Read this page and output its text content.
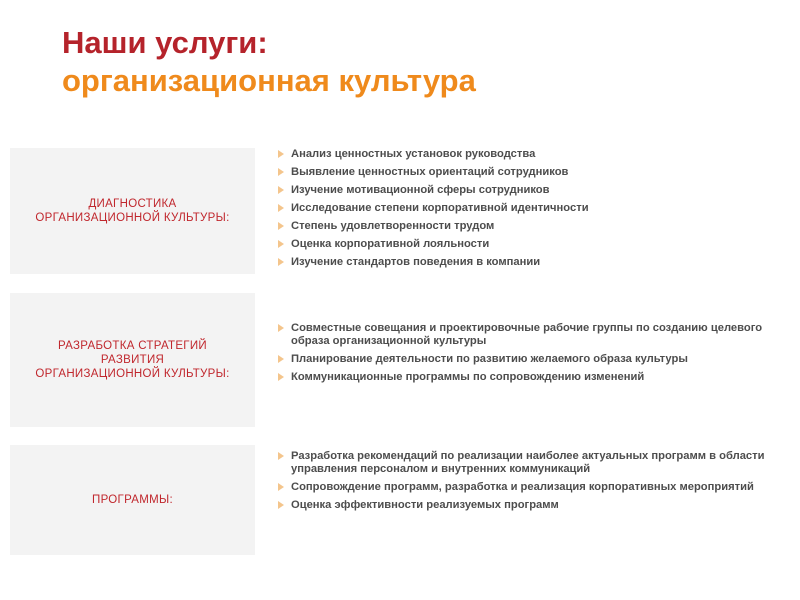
Наши услуги:
организационная культура
ДИАГНОСТИКА
ОРГАНИЗАЦИОННОЙ КУЛЬТУРЫ:
Анализ ценностных установок руководства
Выявление ценностных ориентаций сотрудников
Изучение мотивационной сферы сотрудников
Исследование степени корпоративной идентичности
Степень удовлетворенности трудом
Оценка корпоративной лояльности
Изучение стандартов поведения в компании
РАЗРАБОТКА СТРАТЕГИЙ
РАЗВИТИЯ
ОРГАНИЗАЦИОННОЙ КУЛЬТУРЫ:
Совместные совещания и проектировочные рабочие группы по созданию целевого образа организационной культуры
Планирование деятельности по развитию желаемого образа культуры
Коммуникационные программы по сопровождению изменений
ПРОГРАММЫ:
Разработка рекомендаций по реализации наиболее актуальных программ в области управления персоналом и внутренних коммуникаций
Сопровождение программ, разработка и реализация корпоративных мероприятий
Оценка эффективности реализуемых программ
